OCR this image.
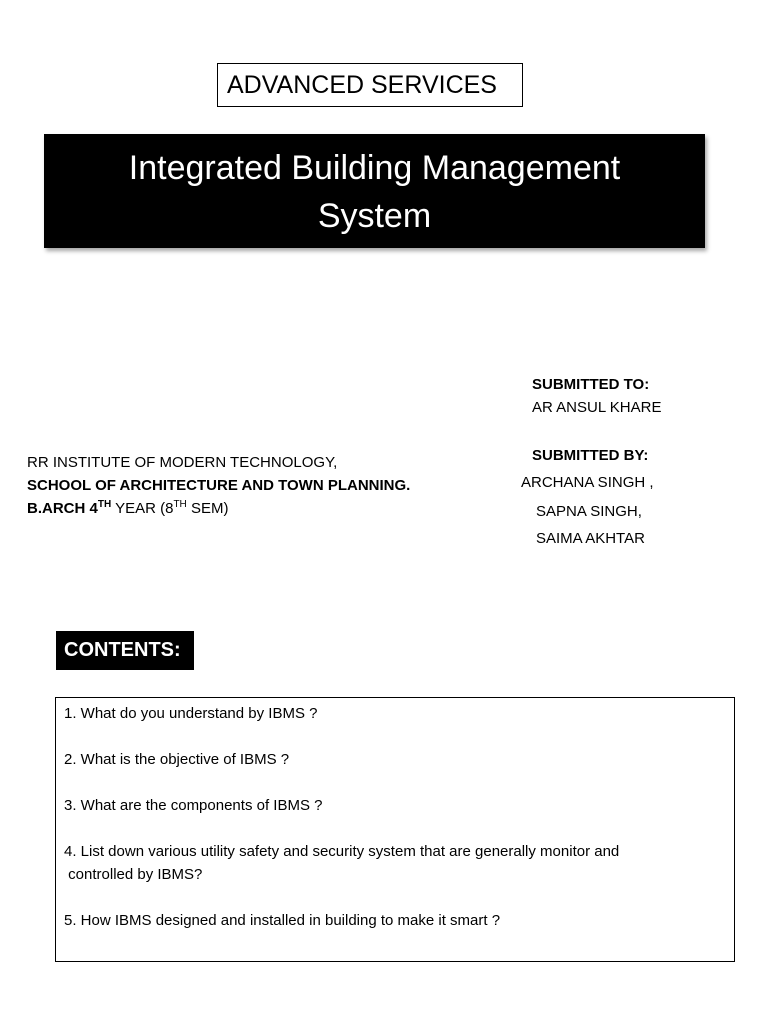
ADVANCED SERVICES
Integrated Building Management
System
SUBMITTED TO:
AR ANSUL KHARE
SUBMITTED BY:
ARCHANA SINGH ,
SAPNA SINGH,
SAIMA AKHTAR
RR INSTITUTE OF MODERN TECHNOLOGY,
SCHOOL OF ARCHITECTURE AND TOWN PLANNING.
B.ARCH 4TH YEAR (8TH SEM)
CONTENTS:
1. What do you understand by IBMS ?
2. What is the objective of IBMS ?
3. What are the components of IBMS ?
4. List down various utility safety and security system that are generally monitor and
controlled by IBMS?
5. How IBMS designed and installed in building to make it smart ?
